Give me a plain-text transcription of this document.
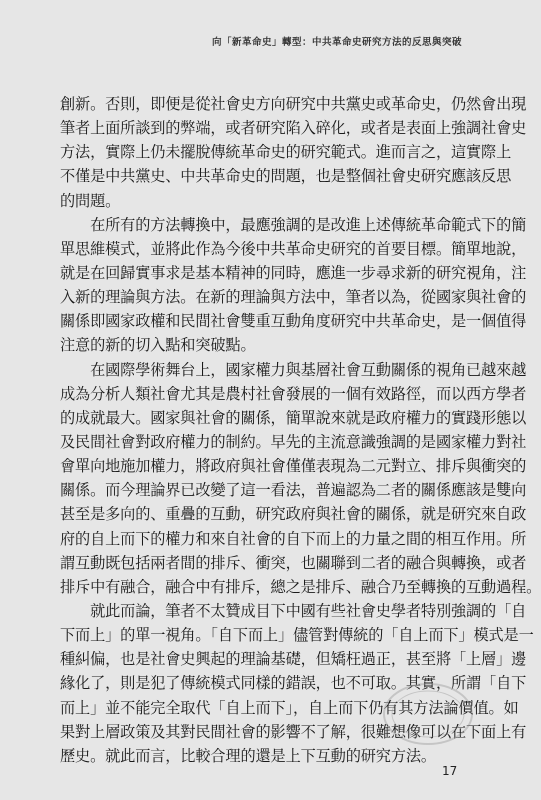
向「新革命史」轉型：中共革命史研究方法的反思與突破
創新。否則，即便是從社會史方向研究中共黨史或革命史，仍然會出現
筆者上面所談到的弊端，或者研究陷入碎化，或者是表面上強調社會史
方法，實際上仍未擺脫傳統革命史的研究範式。進而言之，這實際上
不僅是中共黨史、中共革命史的問題，也是整個社會史研究應該反思
的問題。
　　在所有的方法轉換中，最應強調的是改進上述傳統革命範式下的簡
單思維模式，並將此作為今後中共革命史研究的首要目標。簡單地說，
就是在回歸實事求是基本精神的同時，應進一步尋求新的研究視角，注
入新的理論與方法。在新的理論與方法中，筆者以為，從國家與社會的
關係即國家政權和民間社會雙重互動角度研究中共革命史，是一個值得
注意的新的切入點和突破點。
　　在國際學術舞台上，國家權力與基層社會互動關係的視角已越來越
成為分析人類社會尤其是農村社會發展的一個有效路徑，而以西方學者
的成就最大。國家與社會的關係，簡單說來就是政府權力的實踐形態以
及民間社會對政府權力的制約。早先的主流意識強調的是國家權力對社
會單向地施加權力，將政府與社會僅僅表現為二元對立、排斥與衝突的
關係。而今理論界已改變了這一看法，普遍認為二者的關係應該是雙向
甚至是多向的、重疊的互動，研究政府與社會的關係，就是研究來自政
府的自上而下的權力和來自社會的自下而上的力量之間的相互作用。所
謂互動既包括兩者間的排斥、衝突，也關聯到二者的融合與轉換，或者
排斥中有融合，融合中有排斥，總之是排斥、融合乃至轉換的互動過程。
　　就此而論，筆者不太贊成目下中國有些社會史學者特別強調的「自
下而上」的單一視角。「自下而上」儘管對傳統的「自上而下」模式是一
種糾偏，也是社會史興起的理論基礎，但矯枉過正，甚至將「上層」邊
緣化了，則是犯了傳統模式同樣的錯誤，也不可取。其實，所謂「自下
而上」並不能完全取代「自上而下」，自上而下仍有其方法論價值。如
果對上層政策及其對民間社會的影響不了解，很難想像可以在下面上有
歷史。就此而言，比較合理的還是上下互動的研究方法。
17
